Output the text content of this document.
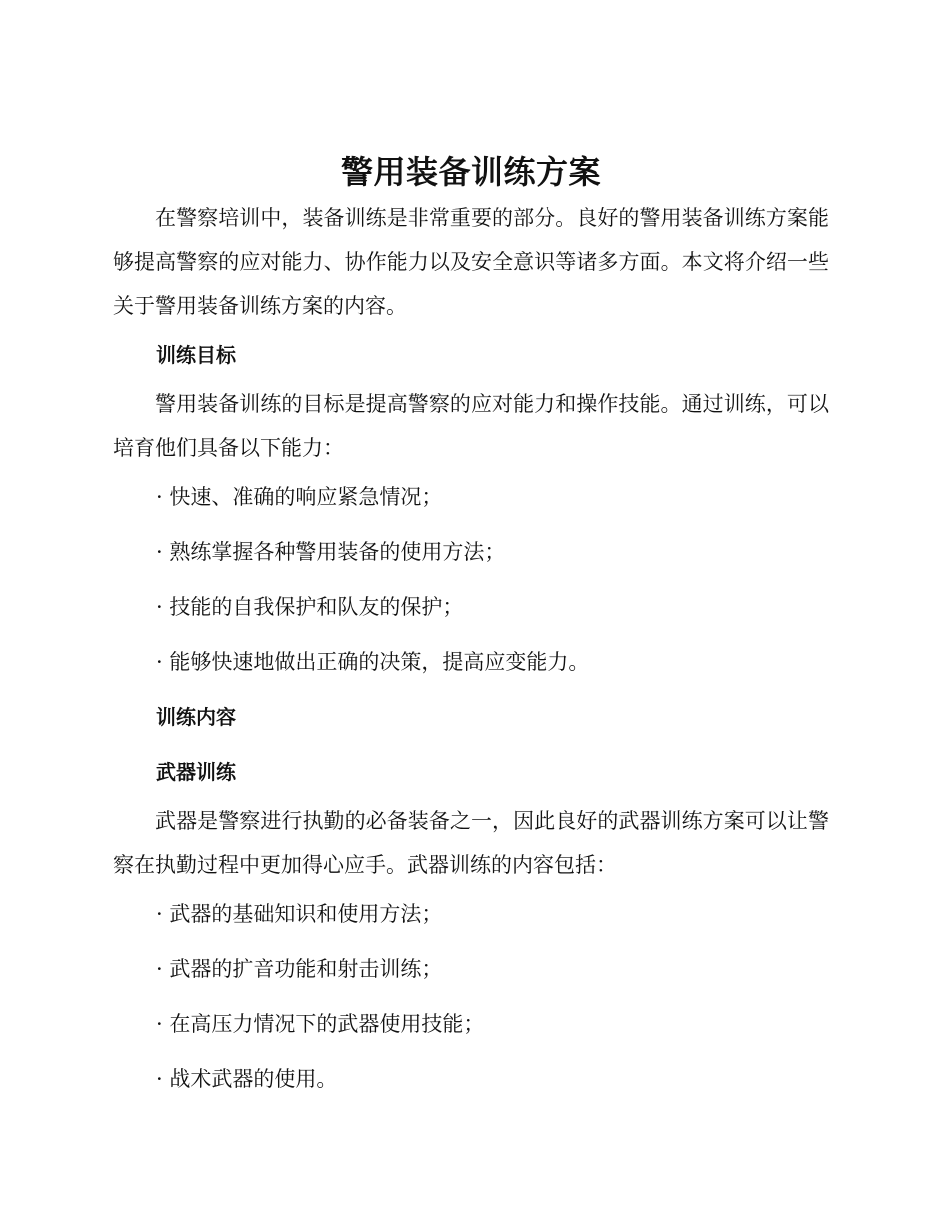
警用装备训练方案

在警察培训中，装备训练是非常重要的部分。良好的警用装备训练方案能够提高警察的应对能力、协作能力以及安全意识等诸多方面。本文将介绍一些关于警用装备训练方案的内容。

训练目标

警用装备训练的目标是提高警察的应对能力和操作技能。通过训练，可以培育他们具备以下能力：

· 快速、准确的响应紧急情况；

· 熟练掌握各种警用装备的使用方法；

· 技能的自我保护和队友的保护；

· 能够快速地做出正确的决策，提高应变能力。

训练内容

武器训练

武器是警察进行执勤的必备装备之一，因此良好的武器训练方案可以让警察在执勤过程中更加得心应手。武器训练的内容包括：

· 武器的基础知识和使用方法；

· 武器的扩音功能和射击训练；

· 在高压力情况下的武器使用技能；

· 战术武器的使用。
